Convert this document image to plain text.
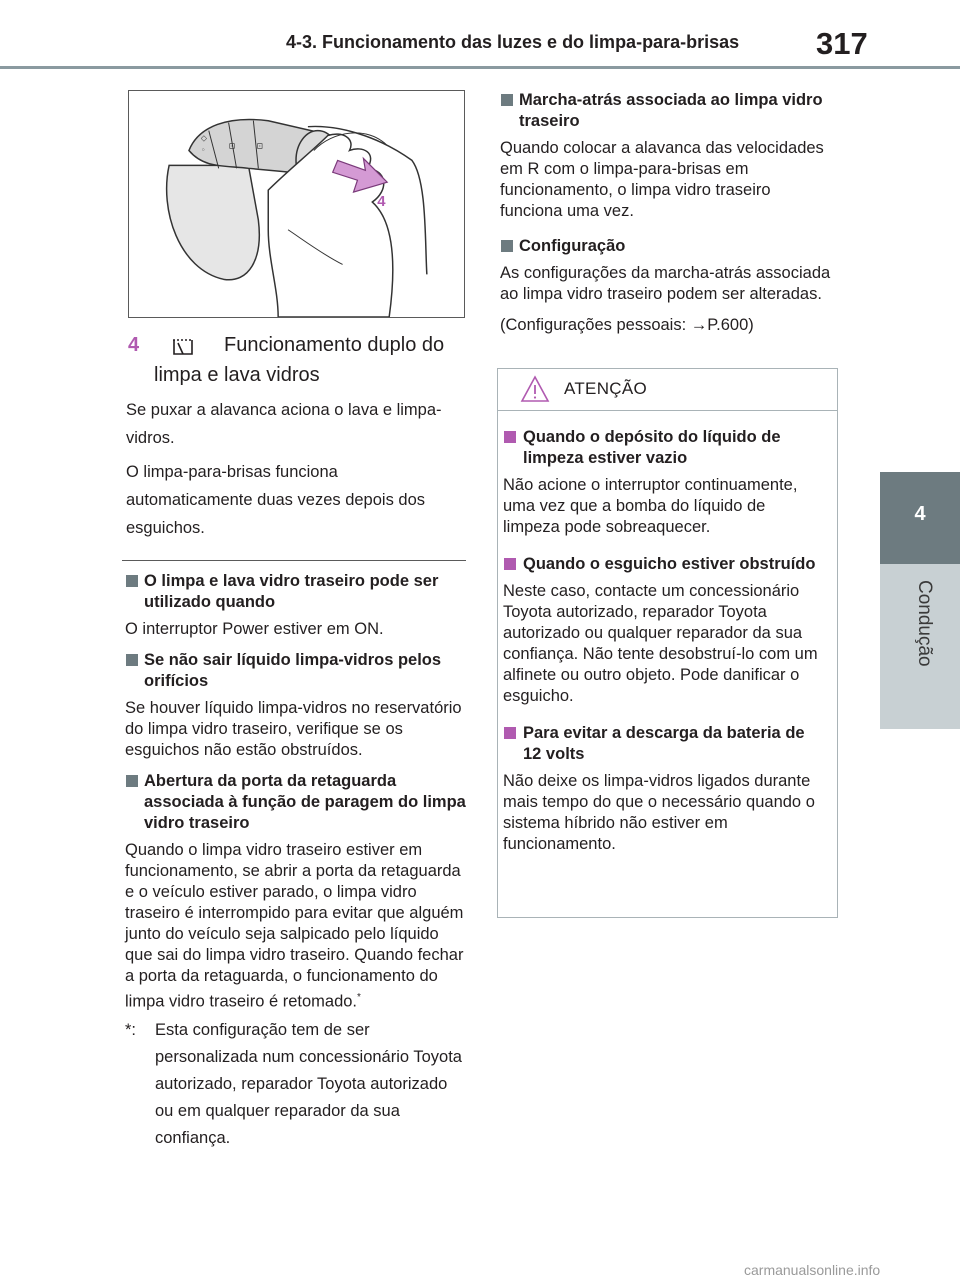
4-3. Funcionamento das luzes e do limpa-para-brisas 317
4
Condução
◇
◦	⊡	⊡
4
4	Funcionamento duplo do limpa e lava vidros

Se puxar a alavanca aciona o lava e limpa-vidros.

O limpa-para-brisas funciona automaticamente duas vezes depois dos esguichos.

O limpa e lava vidro traseiro pode ser utilizado quando

O interruptor Power estiver em ON.

Se não sair líquido limpa-vidros pelos orifícios

Se houver líquido limpa-vidros no reservatório do limpa vidro traseiro, verifique se os esguichos não estão obstruídos.

Abertura da porta da retaguarda associada à função de paragem do limpa vidro traseiro

Quando o limpa vidro traseiro estiver em funcionamento, se abrir a porta da retaguarda e o veículo estiver parado, o limpa vidro traseiro é interrompido para evitar que alguém junto do veículo seja salpicado pelo líquido que sai do limpa vidro traseiro. Quando fechar a porta da retaguarda, o funcionamento do limpa vidro traseiro é retomado.*

*: Esta configuração tem de ser personalizada num concessionário Toyota autorizado, reparador Toyota autorizado ou em qualquer reparador da sua confiança.
Marcha-atrás associada ao limpa vidro traseiro

Quando colocar a alavanca das velocidades em R com o limpa-para-brisas em funcionamento, o limpa vidro traseiro funciona uma vez.

Configuração

As configurações da marcha-atrás associada ao limpa vidro traseiro podem ser alteradas.

(Configurações pessoais: →P.600)

ATENÇÃO
Quando o depósito do líquido de limpeza estiver vazio

Não acione o interruptor continuamente, uma vez que a bomba do líquido de limpeza pode sobreaquecer.

Quando o esguicho estiver obstruído

Neste caso, contacte um concessionário Toyota autorizado, reparador Toyota autorizado ou qualquer reparador da sua confiança. Não tente desobstruí-lo com um alfinete ou outro objeto. Pode danificar o esguicho.

Para evitar a descarga da bateria de 12 volts

Não deixe os limpa-vidros ligados durante mais tempo do que o necessário quando o sistema híbrido não estiver em funcionamento.

carmanualsonline.info
